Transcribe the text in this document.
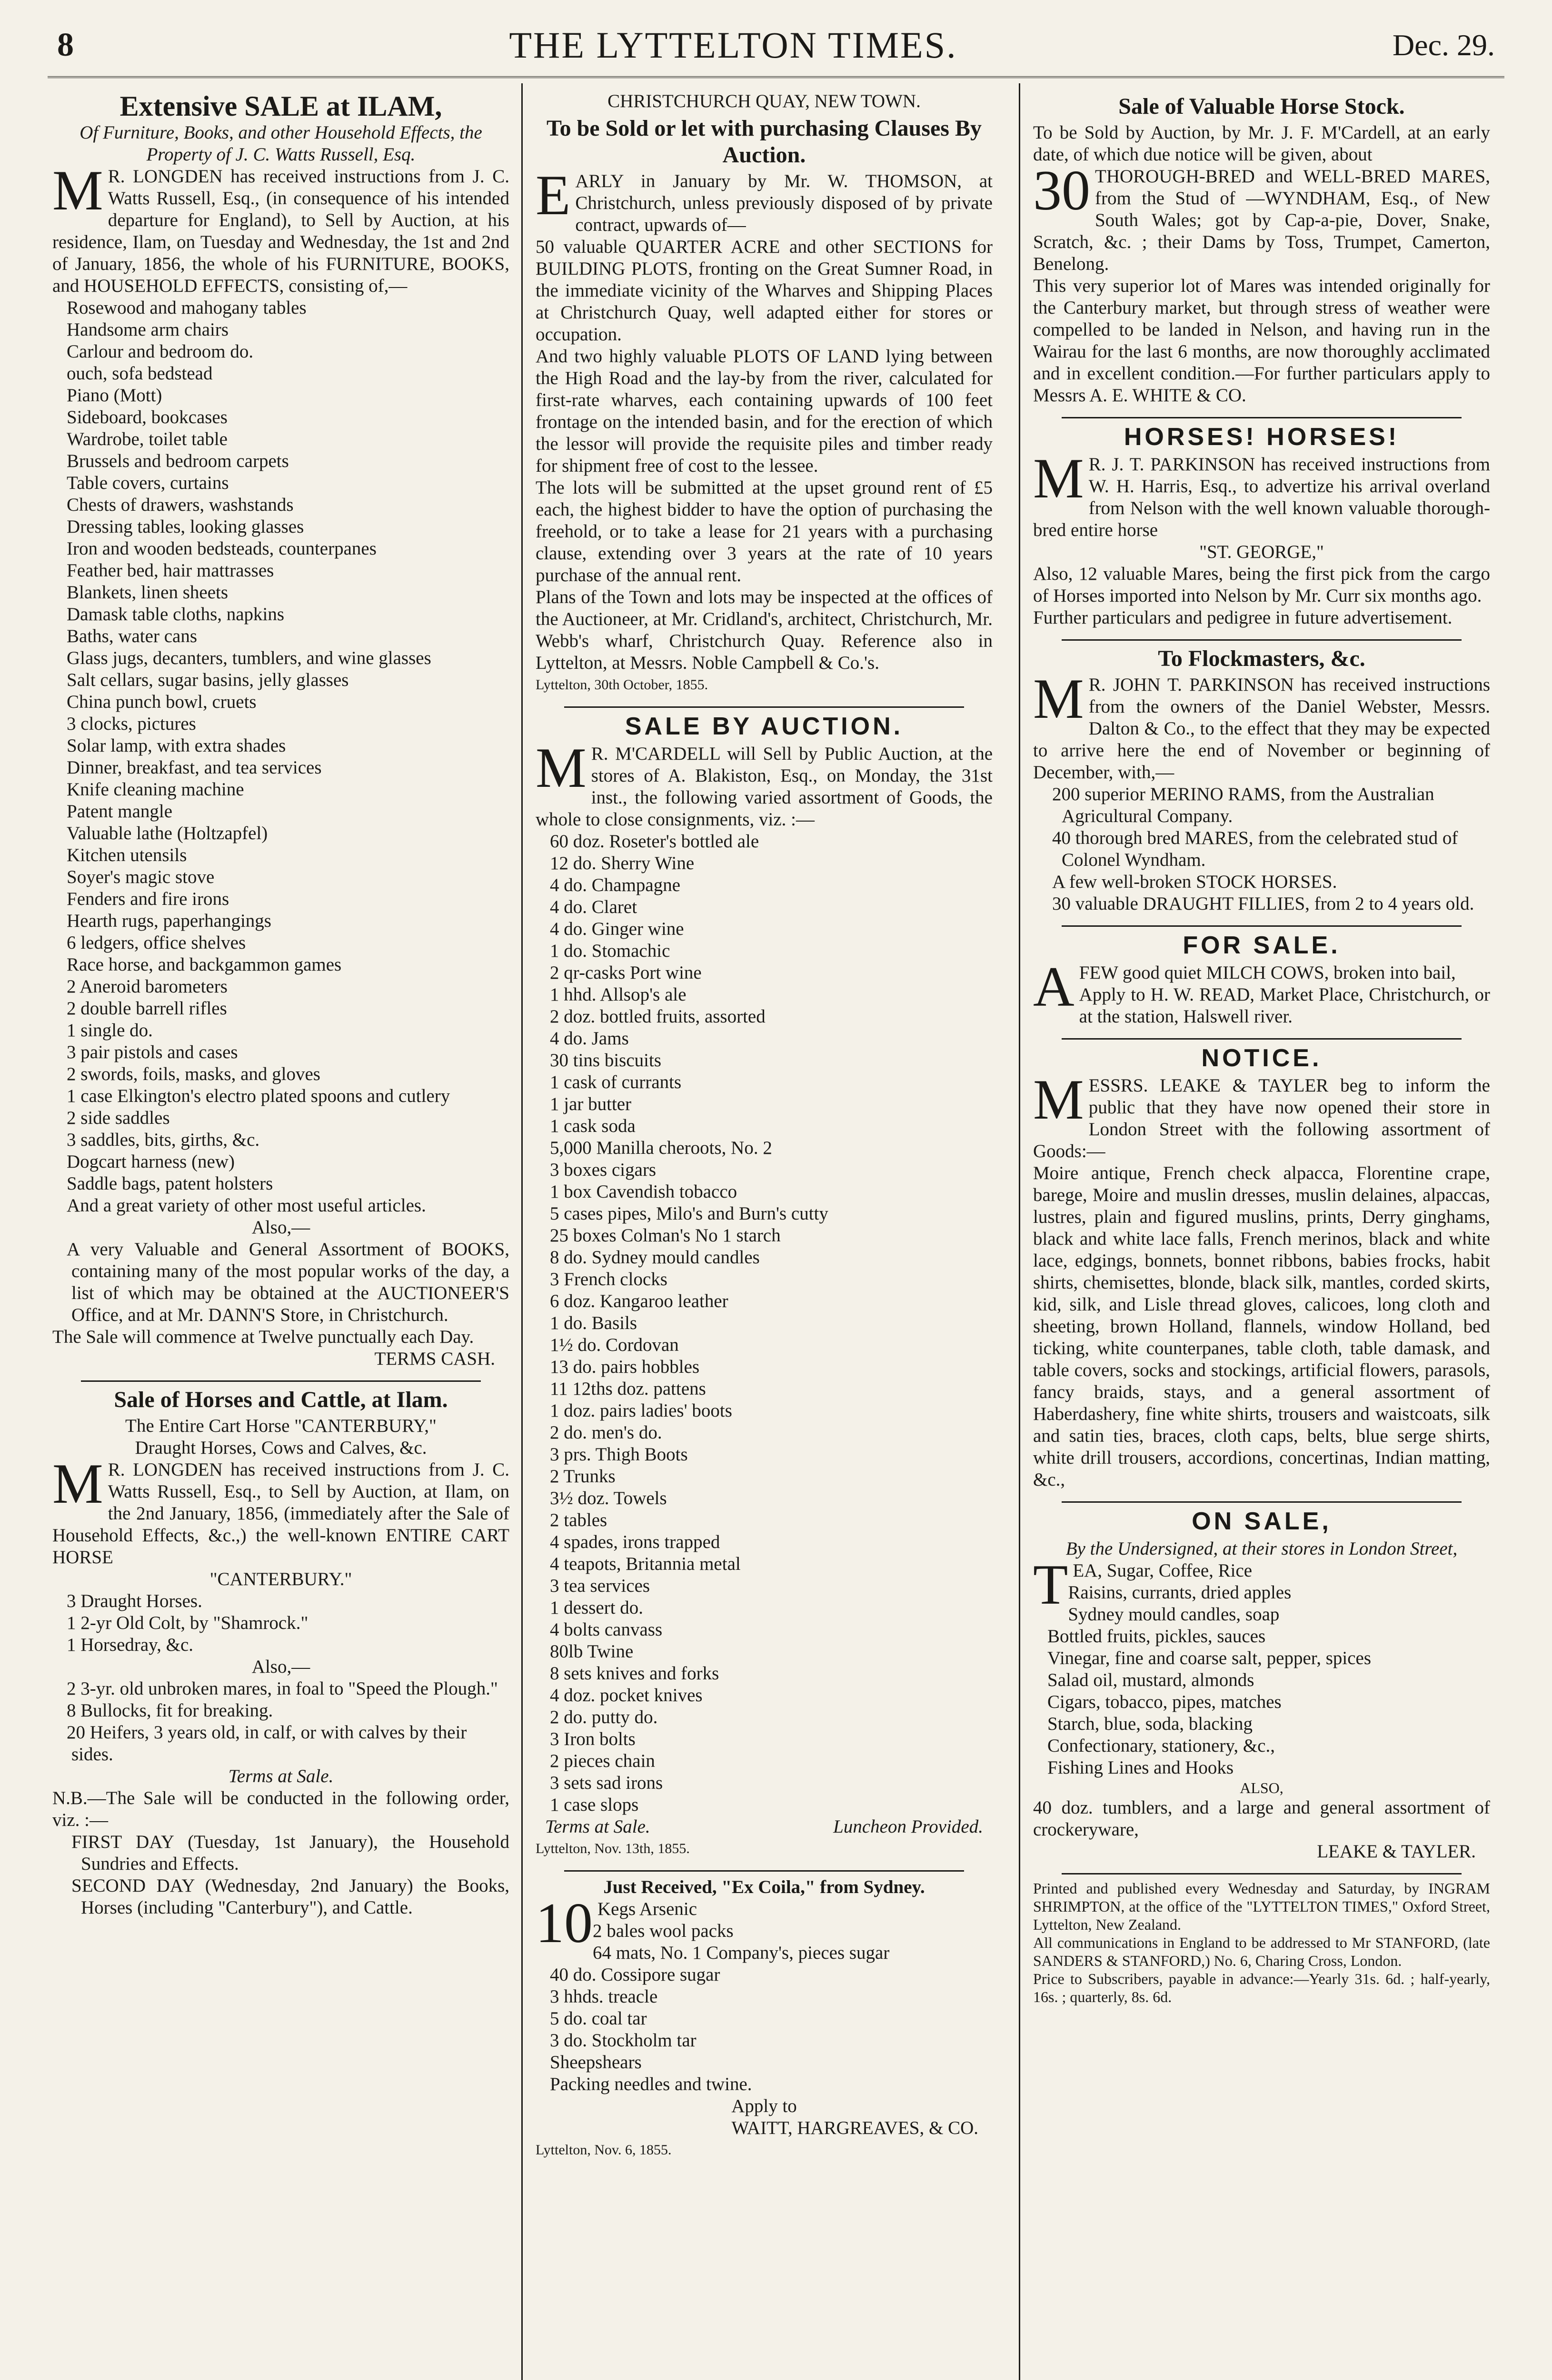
8	THE LYTTELTON TIMES.	Dec. 29.
Extensive SALE at ILAM,
Of Furniture, Books, and other Household Effects, the Property of J. C. Watts Russell, Esq.

M R. LONGDEN has received instructions from J. C. Watts Russell, Esq., (in consequence of his intended departure for England), to Sell by Auction, at his residence, Ilam, on Tuesday and Wednesday, the 1st and 2nd of January, 1856, the whole of his FURNITURE, BOOKS, and HOUSEHOLD EFFECTS, consisting of,—

Rosewood and mahogany tables
Handsome arm chairs
Carlour and bedroom do.
ouch, sofa bedstead
Piano (Mott)
Sideboard, bookcases
Wardrobe, toilet table
Brussels and bedroom carpets
Table covers, curtains
Chests of drawers, washstands
Dressing tables, looking glasses
Iron and wooden bedsteads, counterpanes
Feather bed, hair mattrasses
Blankets, linen sheets
Damask table cloths, napkins
Baths, water cans
Glass jugs, decanters, tumblers, and wine glasses
Salt cellars, sugar basins, jelly glasses
China punch bowl, cruets
3 clocks, pictures
Solar lamp, with extra shades
Dinner, breakfast, and tea services
Knife cleaning machine
Patent mangle
Valuable lathe (Holtzapfel)
Kitchen utensils
Soyer's magic stove
Fenders and fire irons
Hearth rugs, paperhangings
6 ledgers, office shelves
Race horse, and backgammon games
2 Aneroid barometers
2 double barrell rifles
1 single do.
3 pair pistols and cases
2 swords, foils, masks, and gloves
1 case Elkington's electro plated spoons and cutlery
2 side saddles
3 saddles, bits, girths, &c.
Dogcart harness (new)
Saddle bags, patent holsters
And a great variety of other most useful articles.
Also,—

A very Valuable and General Assortment of BOOKS, containing many of the most popular works of the day, a list of which may be obtained at the AUCTIONEER'S Office, and at Mr. DANN'S Store, in Christchurch.

The Sale will commence at Twelve punctually each Day.

TERMS CASH.
Sale of Horses and Cattle, at Ilam.
The Entire Cart Horse "CANTERBURY,"
Draught Horses, Cows and Calves, &c.

M R. LONGDEN has received instructions from J. C. Watts Russell, Esq., to Sell by Auction, at Ilam, on the 2nd January, 1856, (immediately after the Sale of Household Effects, &c.,) the well-known ENTIRE CART HORSE

"CANTERBURY."
3 Draught Horses.
1 2-yr Old Colt, by "Shamrock."
1 Horsedray, &c.
Also,—
2 3-yr. old unbroken mares, in foal to "Speed the Plough."
8 Bullocks, fit for breaking.
20 Heifers, 3 years old, in calf, or with calves by their sides.
Terms at Sale.

N.B.—The Sale will be conducted in the following order, viz. :—

FIRST DAY (Tuesday, 1st January), the Household Sundries and Effects.

SECOND DAY (Wednesday, 2nd January) the Books, Horses (including "Canterbury"), and Cattle.

CHRISTCHURCH QUAY, NEW TOWN.
To be Sold or let with purchasing Clauses By Auction.

EARLY in January by Mr. W. THOMSON, at Christchurch, unless previously disposed of by private contract, upwards of—

50 valuable QUARTER ACRE and other SECTIONS for BUILDING PLOTS, fronting on the Great Sumner Road, in the immediate vicinity of the Wharves and Shipping Places at Christchurch Quay, well adapted either for stores or occupation.

And two highly valuable PLOTS OF LAND lying between the High Road and the lay-by from the river, calculated for first-rate wharves, each containing upwards of 100 feet frontage on the intended basin, and for the erection of which the lessor will provide the requisite piles and timber ready for shipment free of cost to the lessee.

The lots will be submitted at the upset ground rent of £5 each, the highest bidder to have the option of purchasing the freehold, or to take a lease for 21 years with a purchasing clause, extending over 3 years at the rate of 10 years purchase of the annual rent.

Plans of the Town and lots may be inspected at the offices of the Auctioneer, at Mr. Cridland's, architect, Christchurch, Mr. Webb's wharf, Christchurch Quay. Reference also in Lyttelton, at Messrs. Noble Campbell & Co.'s.

Lyttelton, 30th October, 1855.
SALE BY AUCTION.

M R. M'CARDELL will Sell by Public Auction, at the stores of A. Blakiston, Esq., on Monday, the 31st inst., the following varied assortment of Goods, the whole to close consignments, viz. :—

60 doz. Roseter's bottled ale
12 do. Sherry Wine
4 do. Champagne
4 do. Claret
4 do. Ginger wine
1 do. Stomachic
2 qr-casks Port wine
1 hhd. Allsop's ale
2 doz. bottled fruits, assorted
4 do. Jams
30 tins biscuits
1 cask of currants
1 jar butter
1 cask soda
5,000 Manilla cheroots, No. 2
3 boxes cigars
1 box Cavendish tobacco
5 cases pipes, Milo's and Burn's cutty
25 boxes Colman's No 1 starch
8 do. Sydney mould candles
3 French clocks
6 doz. Kangaroo leather
1 do. Basils
1½ do. Cordovan
13 do. pairs hobbles
11 12ths doz. pattens
1 doz. pairs ladies' boots
2 do. men's do.
3 prs. Thigh Boots
2 Trunks
3½ doz. Towels
2 tables
4 spades, irons trapped
4 teapots, Britannia metal
3 tea services
1 dessert do.
4 bolts canvass
80lb Twine
8 sets knives and forks
4 doz. pocket knives
2 do. putty do.
3 Iron bolts
2 pieces chain
3 sets sad irons
1 case slops
Terms at Sale.	Luncheon Provided.
Lyttelton, Nov. 13th, 1855.
Just Received, "Ex Coila," from Sydney.

10 Kegs Arsenic

2 bales wool packs
64 mats, No. 1 Company's, pieces sugar
40 do. Cossipore sugar
3 hhds. treacle
5 do. coal tar
3 do. Stockholm tar
Sheepshears
Packing needles and twine.
Apply to
WAITT, HARGREAVES, & CO.
Lyttelton, Nov. 6, 1855.
Sale of Valuable Horse Stock.

To be Sold by Auction, by Mr. J. F. M'Cardell, at an early date, of which due notice will be given, about

30 THOROUGH-BRED and WELL-BRED MARES, from the Stud of —WYNDHAM, Esq., of New South Wales; got by Cap-a-pie, Dover, Snake, Scratch, &c. ; their Dams by Toss, Trumpet, Camerton, Benelong.

This very superior lot of Mares was intended originally for the Canterbury market, but through stress of weather were compelled to be landed in Nelson, and having run in the Wairau for the last 6 months, are now thoroughly acclimated and in excellent condition.—For further particulars apply to Messrs A. E. WHITE & CO.

HORSES! HORSES!

M R. J. T. PARKINSON has received instructions from W. H. Harris, Esq., to advertize his arrival overland from Nelson with the well known valuable thorough-bred entire horse

"ST. GEORGE,"

Also, 12 valuable Mares, being the first pick from the cargo of Horses imported into Nelson by Mr. Curr six months ago.

Further particulars and pedigree in future advertisement.

To Flockmasters, &c.

M R. JOHN T. PARKINSON has received instructions from the owners of the Daniel Webster, Messrs. Dalton & Co., to the effect that they may be expected to arrive here the end of November or beginning of December, with,—

200 superior MERINO RAMS, from the Australian Agricultural Company.
40 thorough bred MARES, from the celebrated stud of Colonel Wyndham.
A few well-broken STOCK HORSES.
30 valuable DRAUGHT FILLIES, from 2 to 4 years old.
FOR SALE.

AFEW good quiet MILCH COWS, broken into bail,

Apply to H. W. READ, Market Place, Christchurch, or at the station, Halswell river.

NOTICE.

MESSRS. LEAKE & TAYLER beg to inform the public that they have now opened their store in London Street with the following assortment of Goods:—

Moire antique, French check alpacca, Florentine crape, barege, Moire and muslin dresses, muslin delaines, alpaccas, lustres, plain and figured muslins, prints, Derry ginghams, black and white lace falls, French merinos, black and white lace, edgings, bonnets, bonnet ribbons, babies frocks, habit shirts, chemisettes, blonde, black silk, mantles, corded skirts, kid, silk, and Lisle thread gloves, calicoes, long cloth and sheeting, brown Holland, flannels, window Holland, bed ticking, white counterpanes, table cloth, table damask, and table covers, socks and stockings, artificial flowers, parasols, fancy braids, stays, and a general assortment of Haberdashery, fine white shirts, trousers and waistcoats, silk and satin ties, braces, cloth caps, belts, blue serge shirts, white drill trousers, accordions, concertinas, Indian matting, &c.,

ON SALE,
By the Undersigned, at their stores in London Street,

TEA, Sugar, Coffee, Rice

Raisins, currants, dried apples
Sydney mould candles, soap
Bottled fruits, pickles, sauces
Vinegar, fine and coarse salt, pepper, spices
Salad oil, mustard, almonds
Cigars, tobacco, pipes, matches
Starch, blue, soda, blacking
Confectionary, stationery, &c.,
Fishing Lines and Hooks
ALSO,

40 doz. tumblers, and a large and general assortment of crockeryware,

LEAKE & TAYLER.

Printed and published every Wednesday and Saturday, by INGRAM SHRIMPTON, at the office of the "LYTTELTON TIMES," Oxford Street, Lyttelton, New Zealand.

All communications in England to be addressed to Mr STANFORD, (late SANDERS & STANFORD,) No. 6, Charing Cross, London.

Price to Subscribers, payable in advance:—Yearly 31s. 6d. ; half-yearly, 16s. ; quarterly, 8s. 6d.
